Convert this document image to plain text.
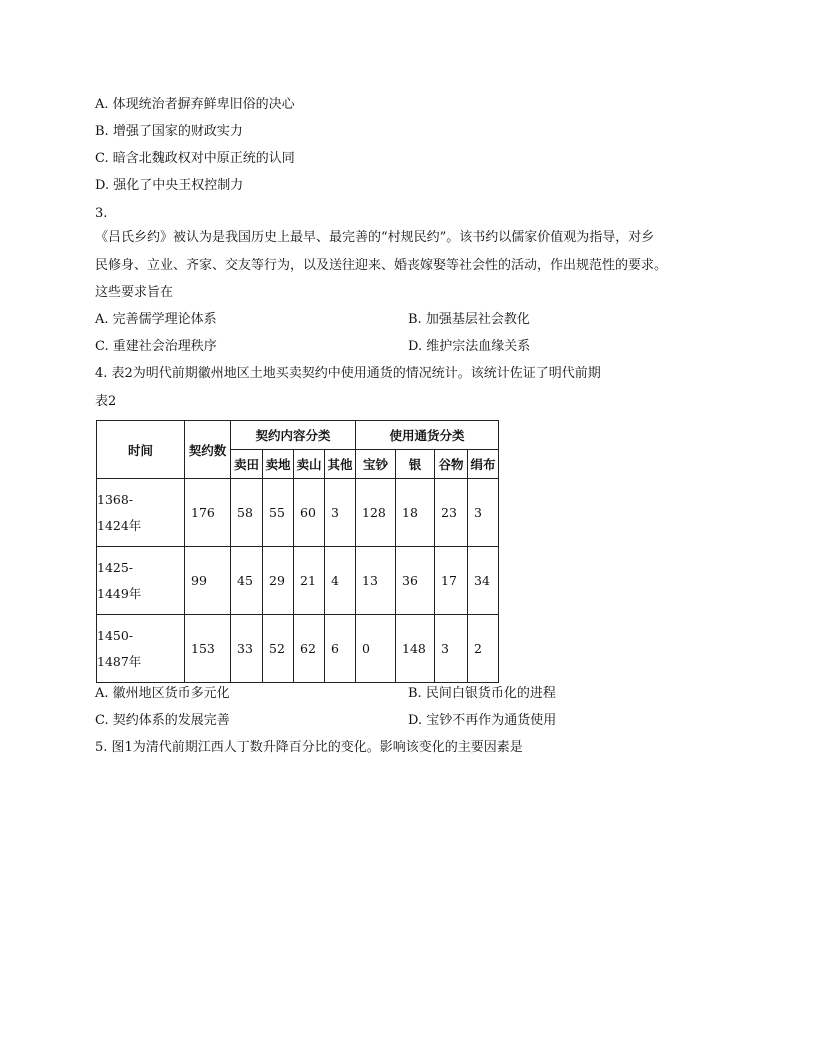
A. 体现统治者摒弃鲜卑旧俗的决心
B. 增强了国家的财政实力
C. 暗含北魏政权对中原正统的认同
D. 强化了中央王权控制力
3.
《吕氏乡约》被认为是我国历史上最早、最完善的“村规民约”。该书约以儒家价值观为指导，对乡
民修身、立业、齐家、交友等行为，以及送往迎来、婚丧嫁娶等社会性的活动，作出规范性的要求。
这些要求旨在
A. 完善儒学理论体系	B. 加强基层社会教化
C. 重建社会治理秩序	D. 维护宗法血缘关系
4. 表2为明代前期徽州地区土地买卖契约中使用通货的情况统计。该统计佐证了明代前期
表2
时间	契约数	契约内容分类				使用通货分类			
		卖田	卖地	卖山	其他	宝钞	银	谷物	绢布
1368-
1424年	176	58	55	60	3	128	18	23	3
1425-
1449年	99	45	29	21	4	13	36	17	34
1450-
1487年	153	33	52	62	6	0	148	3	2
A. 徽州地区货币多元化	B. 民间白银货币化的进程
C. 契约体系的发展完善	D. 宝钞不再作为通货使用
5. 图1为清代前期江西人丁数升降百分比的变化。影响该变化的主要因素是
